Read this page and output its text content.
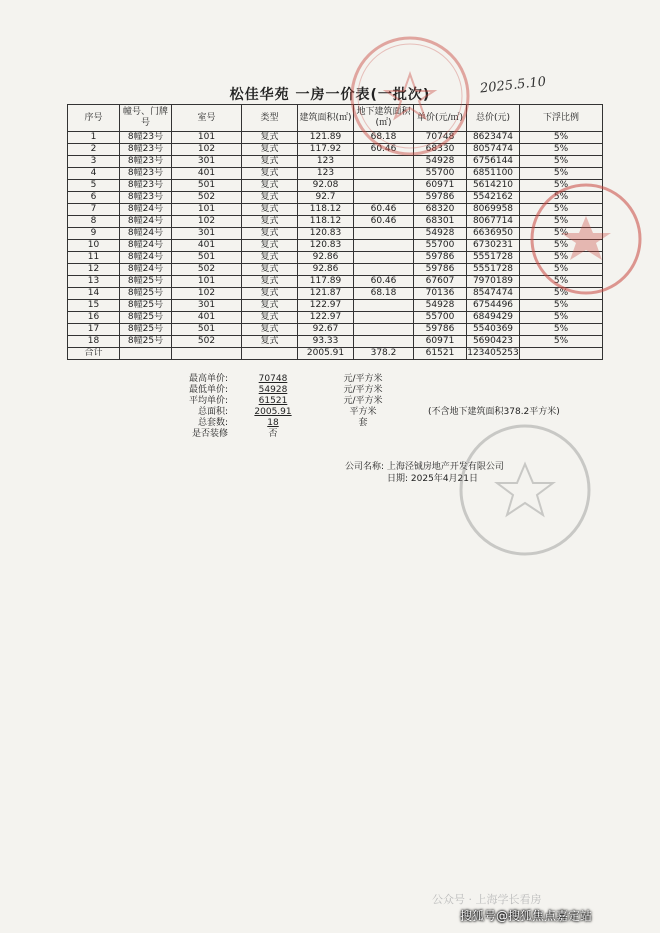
松佳华苑 一房一价表(一批次)	2025.5.10
序号	幢号、门牌号	室号	类型	建筑面积(㎡)	地下建筑面积(㎡)	单价(元/㎡)	总价(元)	下浮比例
1	8幢23号	101	复式	121.89	68.18	70748	8623474	5%
2	8幢23号	102	复式	117.92	60.46	68330	8057474	5%
3	8幢23号	301	复式	123		54928	6756144	5%
4	8幢23号	401	复式	123		55700	6851100	5%
5	8幢23号	501	复式	92.08		60971	5614210	5%
6	8幢23号	502	复式	92.7		59786	5542162	5%
7	8幢24号	101	复式	118.12	60.46	68320	8069958	5%
8	8幢24号	102	复式	118.12	60.46	68301	8067714	5%
9	8幢24号	301	复式	120.83		54928	6636950	5%
10	8幢24号	401	复式	120.83		55700	6730231	5%
11	8幢24号	501	复式	92.86		59786	5551728	5%
12	8幢24号	502	复式	92.86		59786	5551728	5%
13	8幢25号	101	复式	117.89	60.46	67607	7970189	5%
14	8幢25号	102	复式	121.87	68.18	70136	8547474	5%
15	8幢25号	301	复式	122.97		54928	6754496	5%
16	8幢25号	401	复式	122.97		55700	6849429	5%
17	8幢25号	501	复式	92.67		59786	5540369	5%
18	8幢25号	502	复式	93.33		60971	5690423	5%
合计				2005.91	378.2	61521	123405253	
最高单价:	70748	元/平方米
最低单价:	54928	元/平方米
平均单价:	61521	元/平方米
总面积:	2005.91	平方米	(不含地下建筑面积378.2平方米)
总套数:	18	套
是否装修	否
公司名称: 上海泾铖房地产开发有限公司
日期: 2025年4月21日
公众号 · 上海学长看房
搜狐号@搜狐焦点嘉定站
